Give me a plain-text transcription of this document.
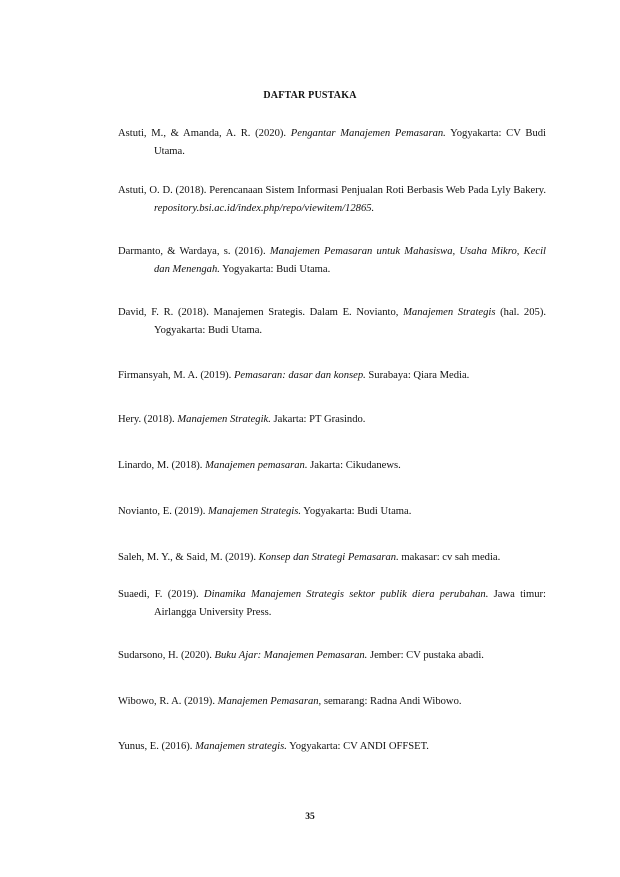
DAFTAR PUSTAKA
Astuti, M., & Amanda, A. R. (2020). Pengantar Manajemen Pemasaran. Yogyakarta: CV Budi Utama.
Astuti, O. D. (2018). Perencanaan Sistem Informasi Penjualan Roti Berbasis Web Pada Lyly Bakery. repository.bsi.ac.id/index.php/repo/viewitem/12865.
Darmanto, & Wardaya, s. (2016). Manajemen Pemasaran untuk Mahasiswa, Usaha Mikro, Kecil dan Menengah. Yogyakarta: Budi Utama.
David, F. R. (2018). Manajemen Srategis. Dalam E. Novianto, Manajemen Strategis (hal. 205). Yogyakarta: Budi Utama.
Firmansyah, M. A. (2019). Pemasaran: dasar dan konsep. Surabaya: Qiara Media.
Hery. (2018). Manajemen Strategik. Jakarta: PT Grasindo.
Linardo, M. (2018). Manajemen pemasaran. Jakarta: Cikudanews.
Novianto, E. (2019). Manajemen Strategis. Yogyakarta: Budi Utama.
Saleh, M. Y., & Said, M. (2019). Konsep dan Strategi Pemasaran. makasar: cv sah media.
Suaedi, F. (2019). Dinamika Manajemen Strategis sektor publik diera perubahan. Jawa timur: Airlangga University Press.
Sudarsono, H. (2020). Buku Ajar: Manajemen Pemasaran. Jember: CV pustaka abadi.
Wibowo, R. A. (2019). Manajemen Pemasaran, semarang: Radna Andi Wibowo.
Yunus, E. (2016). Manajemen strategis. Yogyakarta: CV ANDI OFFSET.
35
